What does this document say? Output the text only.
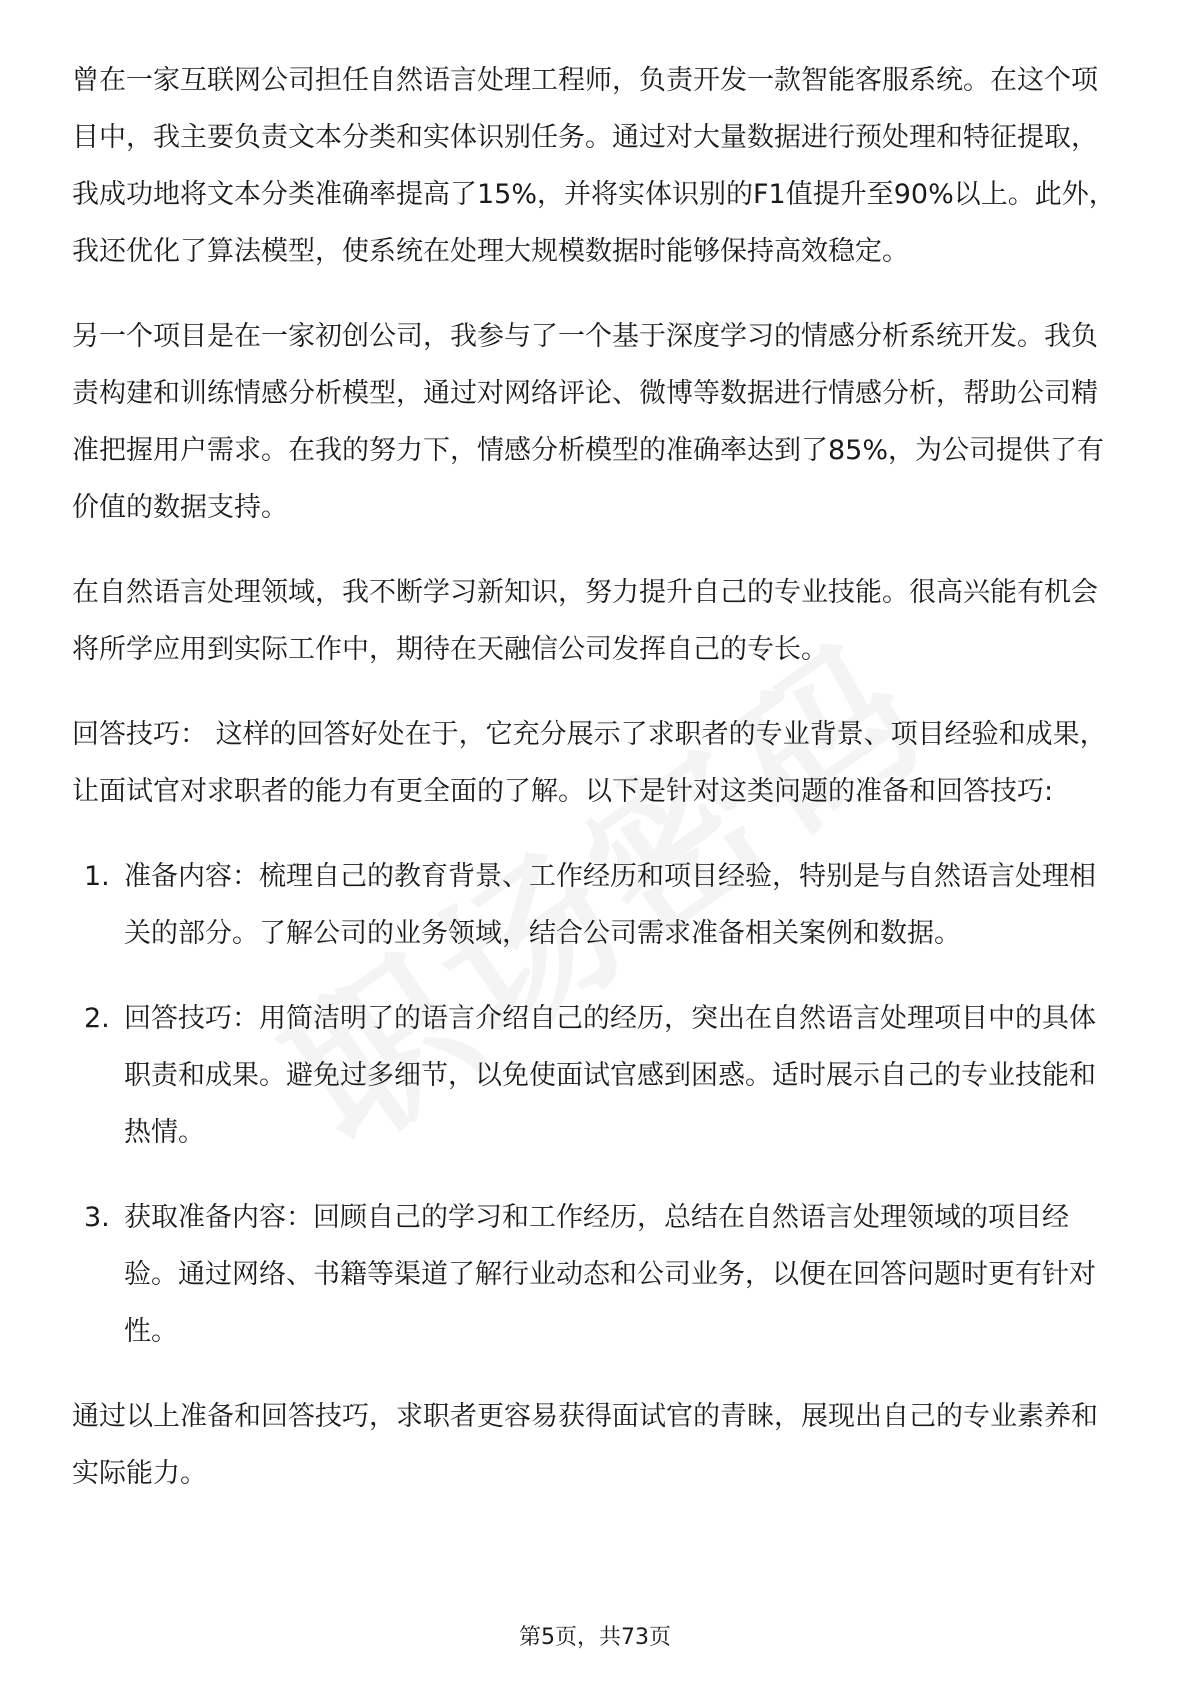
曾在一家互联网公司担任自然语言处理工程师，负责开发一款智能客服系统。在这个项目中，我主要负责文本分类和实体识别任务。通过对大量数据进行预处理和特征提取，我成功地将文本分类准确率提高了15%，并将实体识别的F1值提升至90%以上。此外，我还优化了算法模型，使系统在处理大规模数据时能够保持高效稳定。

另一个项目是在一家初创公司，我参与了一个基于深度学习的情感分析系统开发。我负责构建和训练情感分析模型，通过对网络评论、微博等数据进行情感分析，帮助公司精准把握用户需求。在我的努力下，情感分析模型的准确率达到了85%，为公司提供了有价值的数据支持。

在自然语言处理领域，我不断学习新知识，努力提升自己的专业技能。很高兴能有机会将所学应用到实际工作中，期待在天融信公司发挥自己的专长。

回答技巧： 这样的回答好处在于，它充分展示了求职者的专业背景、项目经验和成果，让面试官对求职者的能力有更全面的了解。以下是针对这类问题的准备和回答技巧:

1. 准备内容：梳理自己的教育背景、工作经历和项目经验，特别是与自然语言处理相关的部分。了解公司的业务领域，结合公司需求准备相关案例和数据。
2. 回答技巧：用简洁明了的语言介绍自己的经历，突出在自然语言处理项目中的具体职责和成果。避免过多细节，以免使面试官感到困惑。适时展示自己的专业技能和热情。
3. 获取准备内容：回顾自己的学习和工作经历，总结在自然语言处理领域的项目经验。通过网络、书籍等渠道了解行业动态和公司业务，以便在回答问题时更有针对性。

通过以上准备和回答技巧，求职者更容易获得面试官的青睐，展现出自己的专业素养和实际能力。

第5页，共73页
